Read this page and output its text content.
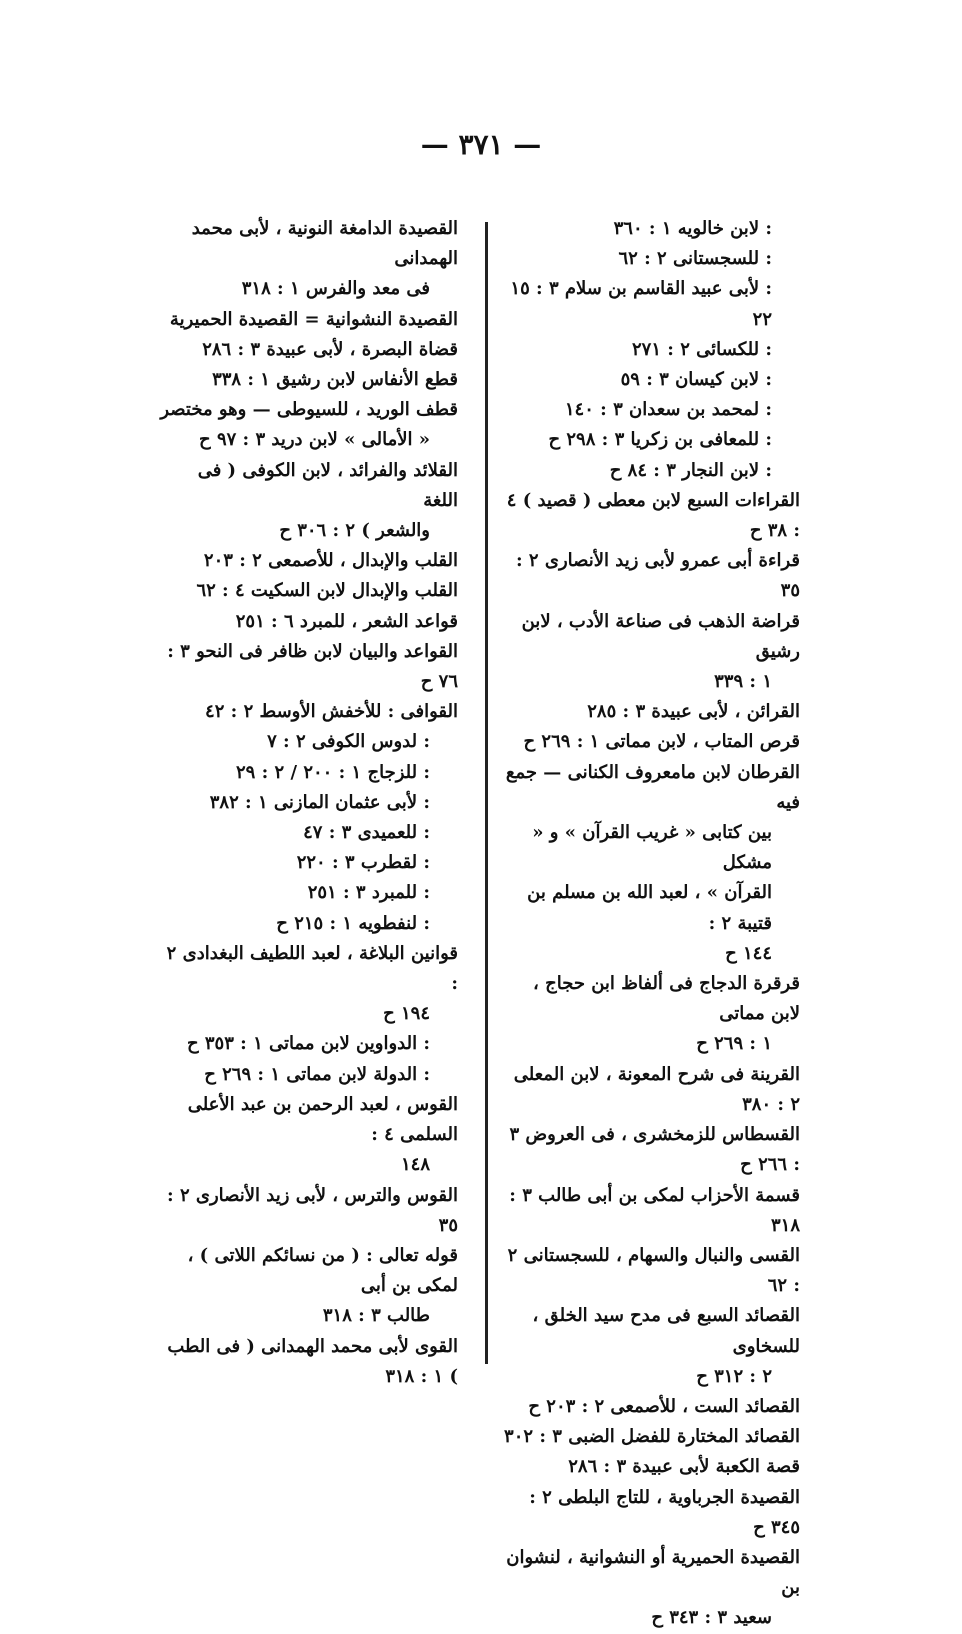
— ٣٧١ —

: لابن خالويه ١ : ٣٦٠

: للسجستانى ٢ : ٦٢

: لأبى عبيد القاسم بن سلام ٣ : ١٥

٢٢

: للكسائى ٢ : ٢٧١

: لابن كيسان ٣ : ٥٩

: لمحمد بن سعدان ٣ : ١٤٠

: للمعافى بن زكريا ٣ : ٢٩٨ ح

: لابن النجار ٣ : ٨٤ ح

القراءات السبع لابن معطى ( قصيد ) ٤ : ٣٨ ح

قراءة أبى عمرو لأبى زيد الأنصارى ٢ : ٣٥

قراضة الذهب فى صناعة الأدب ، لابن رشيق

١ : ٣٣٩

القرائن ، لأبى عبيدة ٣ : ٢٨٥

قرص المتاب ، لابن مماتى ١ : ٢٦٩ ح

القرطان لابن مامعروف الكنانى — جمع فيه

بين كتابى « غريب القرآن » و « مشكل

القرآن » ، لعبد الله بن مسلم بن قتيبة ٢ :

١٤٤ ح

قرقرة الدجاج فى ألفاظ ابن حجاج ، لابن مماتى

١ : ٢٦٩ ح

القرينة فى شرح المعونة ، لابن المعلى ٢ : ٣٨٠

القسطاس للزمخشرى ، فى العروض ٣ : ٢٦٦ ح

قسمة الأحزاب لمكى بن أبى طالب ٣ : ٣١٨

القسى والنبال والسهام ، للسجستانى ٢ : ٦٢

القصائد السبع فى مدح سيد الخلق ، للسخاوى

٢ : ٣١٢ ح

القصائد الست ، للأصمعى ٢ : ٢٠٣ ح

القصائد المختارة للفضل الضبى ٣ : ٣٠٢

قصة الكعبة لأبى عبيدة ٣ : ٢٨٦

القصيدة الجرباوية ، للتاج البلطى ٢ : ٣٤٥ ح

القصيدة الحميرية أو النشوانية ، لنشوان بن

سعيد ٣ : ٣٤٣ ح

القصيدة الدامغة النونية ، لأبى محمد الهمدانى

فى معد والفرس ١ : ٣١٨

القصيدة النشوانية = القصيدة الحميرية

قضاة البصرة ، لأبى عبيدة ٣ : ٢٨٦

قطع الأنفاس لابن رشيق ١ : ٣٣٨

قطف الوريد ، للسيوطى — وهو مختصر

« الأمالى » لابن دريد ٣ : ٩٧ ح

القلائد والفرائد ، لابن الكوفى ( فى اللغة

والشعر ) ٢ : ٣٠٦ ح

القلب والإبدال ، للأصمعى ٢ : ٢٠٣

القلب والإبدال لابن السكيت ٤ : ٦٢

قواعد الشعر ، للمبرد ٦ : ٢٥١

القواعد والبيان لابن ظافر فى النحو ٣ : ٧٦ ح

القوافى : للأخفش الأوسط ٢ : ٤٢

: لدوس الكوفى ٢ : ٧

: للزجاج ١ : ٢٠٠ / ٢ : ٢٩

: لأبى عثمان المازنى ١ : ٣٨٢

: للعميدى ٣ : ٤٧

: لقطرب ٣ : ٢٢٠

: للمبرد ٣ : ٢٥١

: لنفطويه ١ : ٢١٥ ح

قوانين البلاغة ، لعبد اللطيف البغدادى ٢ :

١٩٤ ح

: الدواوين لابن مماتى ١ : ٣٥٣ ح

: الدولة لابن مماتى ١ : ٢٦٩ ح

القوس ، لعبد الرحمن بن عبد الأعلى السلمى ٤ :

١٤٨

القوس والترس ، لأبى زيد الأنصارى ٢ : ٣٥

قوله تعالى : ( من نسائكم اللاتى ) ، لمكى بن أبى

طالب ٣ : ٣١٨

القوى لأبى محمد الهمدانى ( فى الطب ) ١ : ٣١٨
